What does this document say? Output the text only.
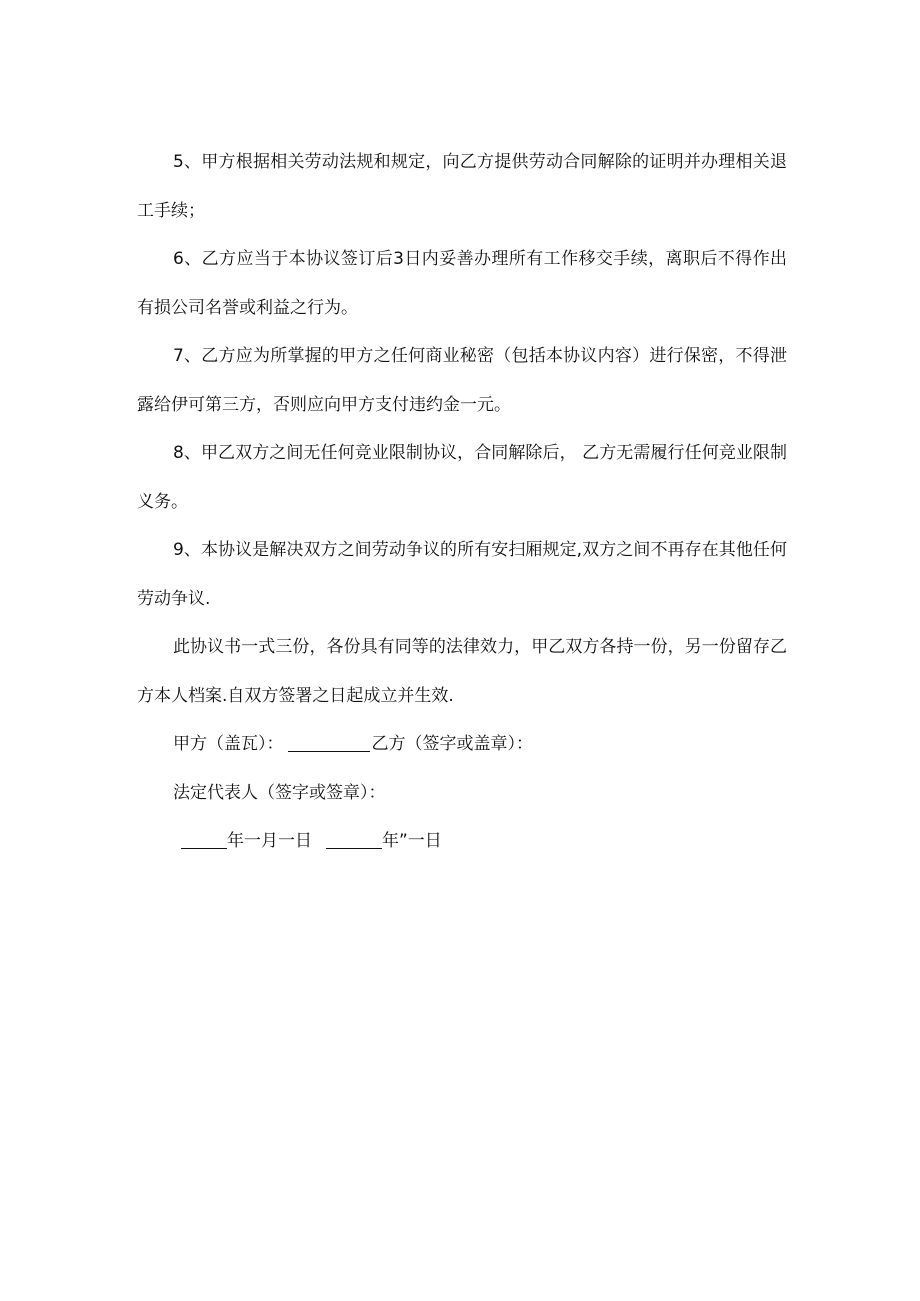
5、甲方根据相关劳动法规和规定，向乙方提供劳动合同解除的证明并办理相关退工手续；

6、乙方应当于本协议签订后3日内妥善办理所有工作移交手续，离职后不得作出有损公司名誉或利益之行为。

7、乙方应为所掌握的甲方之任何商业秘密（包括本协议内容）进行保密，不得泄露给伊可第三方，否则应向甲方支付违约金一元。

8、甲乙双方之间无任何竞业限制协议，合同解除后， 乙方无需履行任何竞业限制义务。

9、本协议是解决双方之间劳动争议的所有安扫厢规定,双方之间不再存在其他任何劳动争议.

此协议书一式三份，各份具有同等的法律效力，甲乙双方各持一份，另一份留存乙方本人档案.自双方签署之日起成立并生效.

甲方（盖瓦）：	乙方（签字或盖章）：
法定代表人（签字或签章）：
年一月一日	年”一日
